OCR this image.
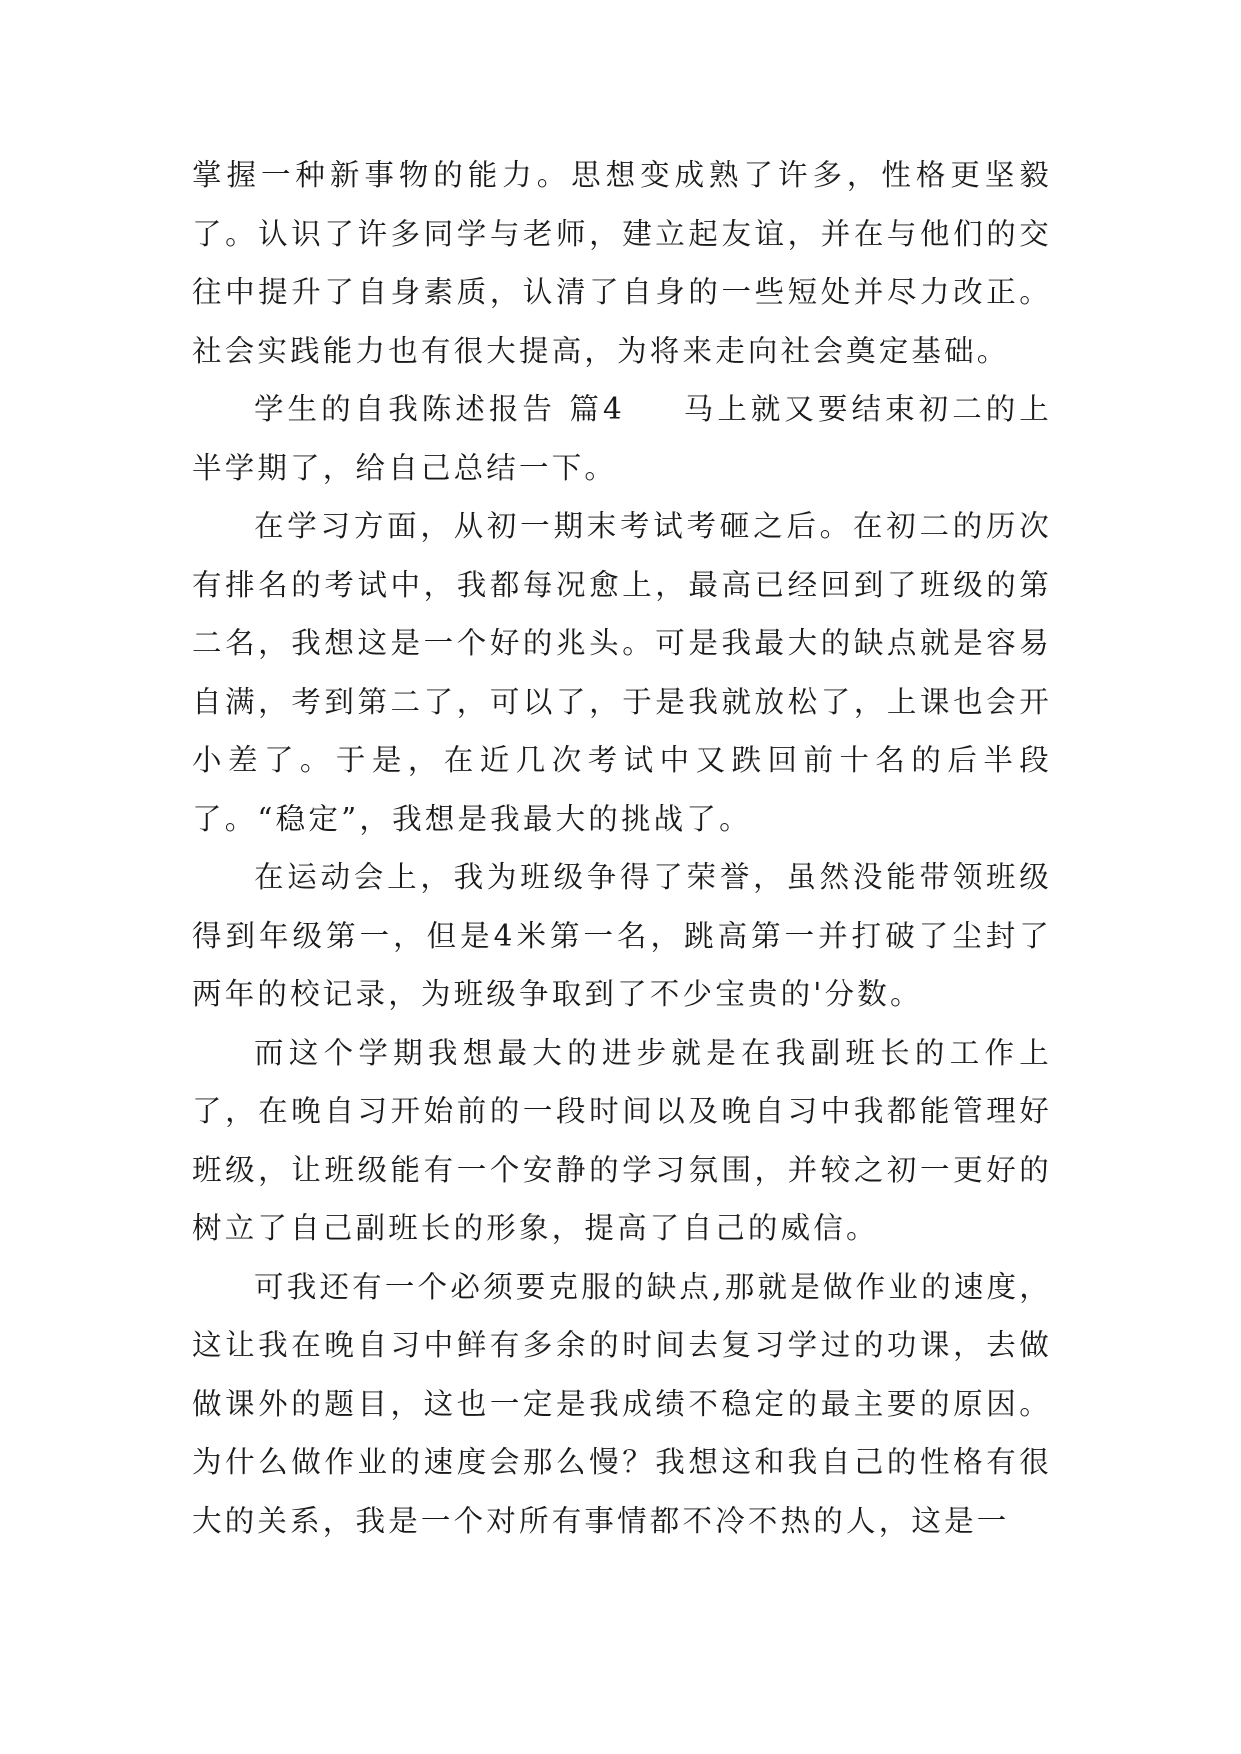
掌握一种新事物的能力。思想变成熟了许多，性格更坚毅了。认识了许多同学与老师，建立起友谊，并在与他们的交往中提升了自身素质，认清了自身的一些短处并尽力改正。社会实践能力也有很大提高，为将来走向社会奠定基础。

学生的自我陈述报告 篇4 马上就又要结束初二的上半学期了，给自己总结一下。

在学习方面，从初一期末考试考砸之后。在初二的历次有排名的考试中，我都每况愈上，最高已经回到了班级的第二名，我想这是一个好的兆头。可是我最大的缺点就是容易自满，考到第二了，可以了，于是我就放松了，上课也会开小差了。于是，在近几次考试中又跌回前十名的后半段了。“稳定”，我想是我最大的挑战了。

在运动会上，我为班级争得了荣誉，虽然没能带领班级得到年级第一，但是4米第一名，跳高第一并打破了尘封了两年的校记录，为班级争取到了不少宝贵的'分数。

而这个学期我想最大的进步就是在我副班长的工作上了，在晚自习开始前的一段时间以及晚自习中我都能管理好班级，让班级能有一个安静的学习氛围，并较之初一更好的树立了自己副班长的形象，提高了自己的威信。

可我还有一个必须要克服的缺点,那就是做作业的速度，这让我在晚自习中鲜有多余的时间去复习学过的功课，去做做课外的题目，这也一定是我成绩不稳定的最主要的原因。为什么做作业的速度会那么慢？我想这和我自己的性格有很大的关系，我是一个对所有事情都不冷不热的人，这是一
